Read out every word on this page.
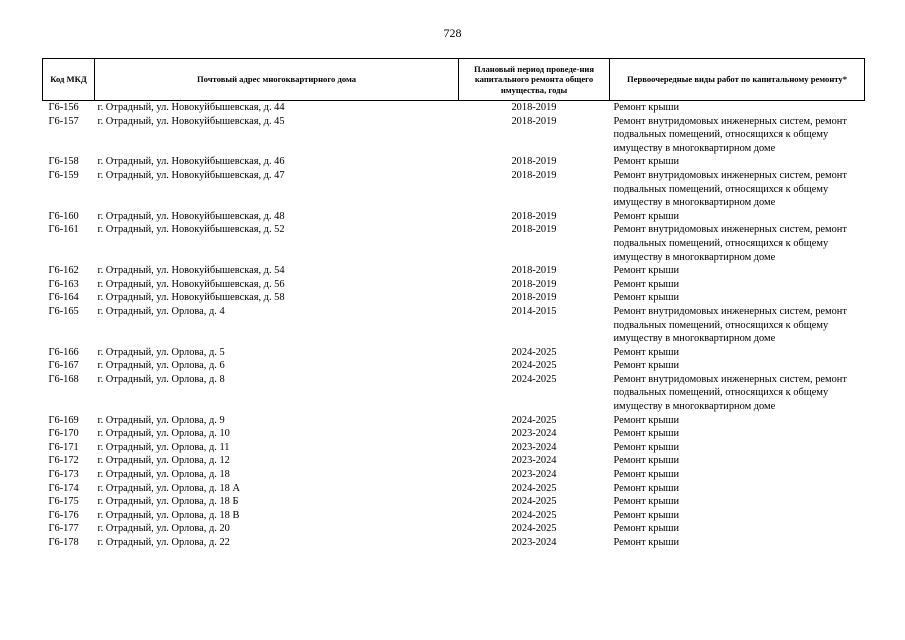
728
Код МКД	Почтовый адрес многоквартирного дома	Плановый период проведе-ния капитального ремонта общего имущества, годы	Первоочередные виды работ по капитальному ремонту*
Г6-156	г. Отрадный, ул. Новокуйбышевская, д. 44	2018-2019	Ремонт крыши
Г6-157	г. Отрадный, ул. Новокуйбышевская, д. 45	2018-2019	Ремонт внутридомовых инженерных систем, ремонт подвальных помещений, относящихся к общему имуществу в многоквартирном доме
Г6-158	г. Отрадный, ул. Новокуйбышевская, д. 46	2018-2019	Ремонт крыши
Г6-159	г. Отрадный, ул. Новокуйбышевская, д. 47	2018-2019	Ремонт внутридомовых инженерных систем, ремонт подвальных помещений, относящихся к общему имуществу в многоквартирном доме
Г6-160	г. Отрадный, ул. Новокуйбышевская, д. 48	2018-2019	Ремонт крыши
Г6-161	г. Отрадный, ул. Новокуйбышевская, д. 52	2018-2019	Ремонт внутридомовых инженерных систем, ремонт подвальных помещений, относящихся к общему имуществу в многоквартирном доме
Г6-162	г. Отрадный, ул. Новокуйбышевская, д. 54	2018-2019	Ремонт крыши
Г6-163	г. Отрадный, ул. Новокуйбышевская, д. 56	2018-2019	Ремонт крыши
Г6-164	г. Отрадный, ул. Новокуйбышевская, д. 58	2018-2019	Ремонт крыши
Г6-165	г. Отрадный, ул. Орлова, д. 4	2014-2015	Ремонт внутридомовых инженерных систем, ремонт подвальных помещений, относящихся к общему имуществу в многоквартирном доме
Г6-166	г. Отрадный, ул. Орлова, д. 5	2024-2025	Ремонт крыши
Г6-167	г. Отрадный, ул. Орлова, д. 6	2024-2025	Ремонт крыши
Г6-168	г. Отрадный, ул. Орлова, д. 8	2024-2025	Ремонт внутридомовых инженерных систем, ремонт подвальных помещений, относящихся к общему имуществу в многоквартирном доме
Г6-169	г. Отрадный, ул. Орлова, д. 9	2024-2025	Ремонт крыши
Г6-170	г. Отрадный, ул. Орлова, д. 10	2023-2024	Ремонт крыши
Г6-171	г. Отрадный, ул. Орлова, д. 11	2023-2024	Ремонт крыши
Г6-172	г. Отрадный, ул. Орлова, д. 12	2023-2024	Ремонт крыши
Г6-173	г. Отрадный, ул. Орлова, д. 18	2023-2024	Ремонт крыши
Г6-174	г. Отрадный, ул. Орлова, д. 18 А	2024-2025	Ремонт крыши
Г6-175	г. Отрадный, ул. Орлова, д. 18 Б	2024-2025	Ремонт крыши
Г6-176	г. Отрадный, ул. Орлова, д. 18 В	2024-2025	Ремонт крыши
Г6-177	г. Отрадный, ул. Орлова, д. 20	2024-2025	Ремонт крыши
Г6-178	г. Отрадный, ул. Орлова, д. 22	2023-2024	Ремонт крыши
